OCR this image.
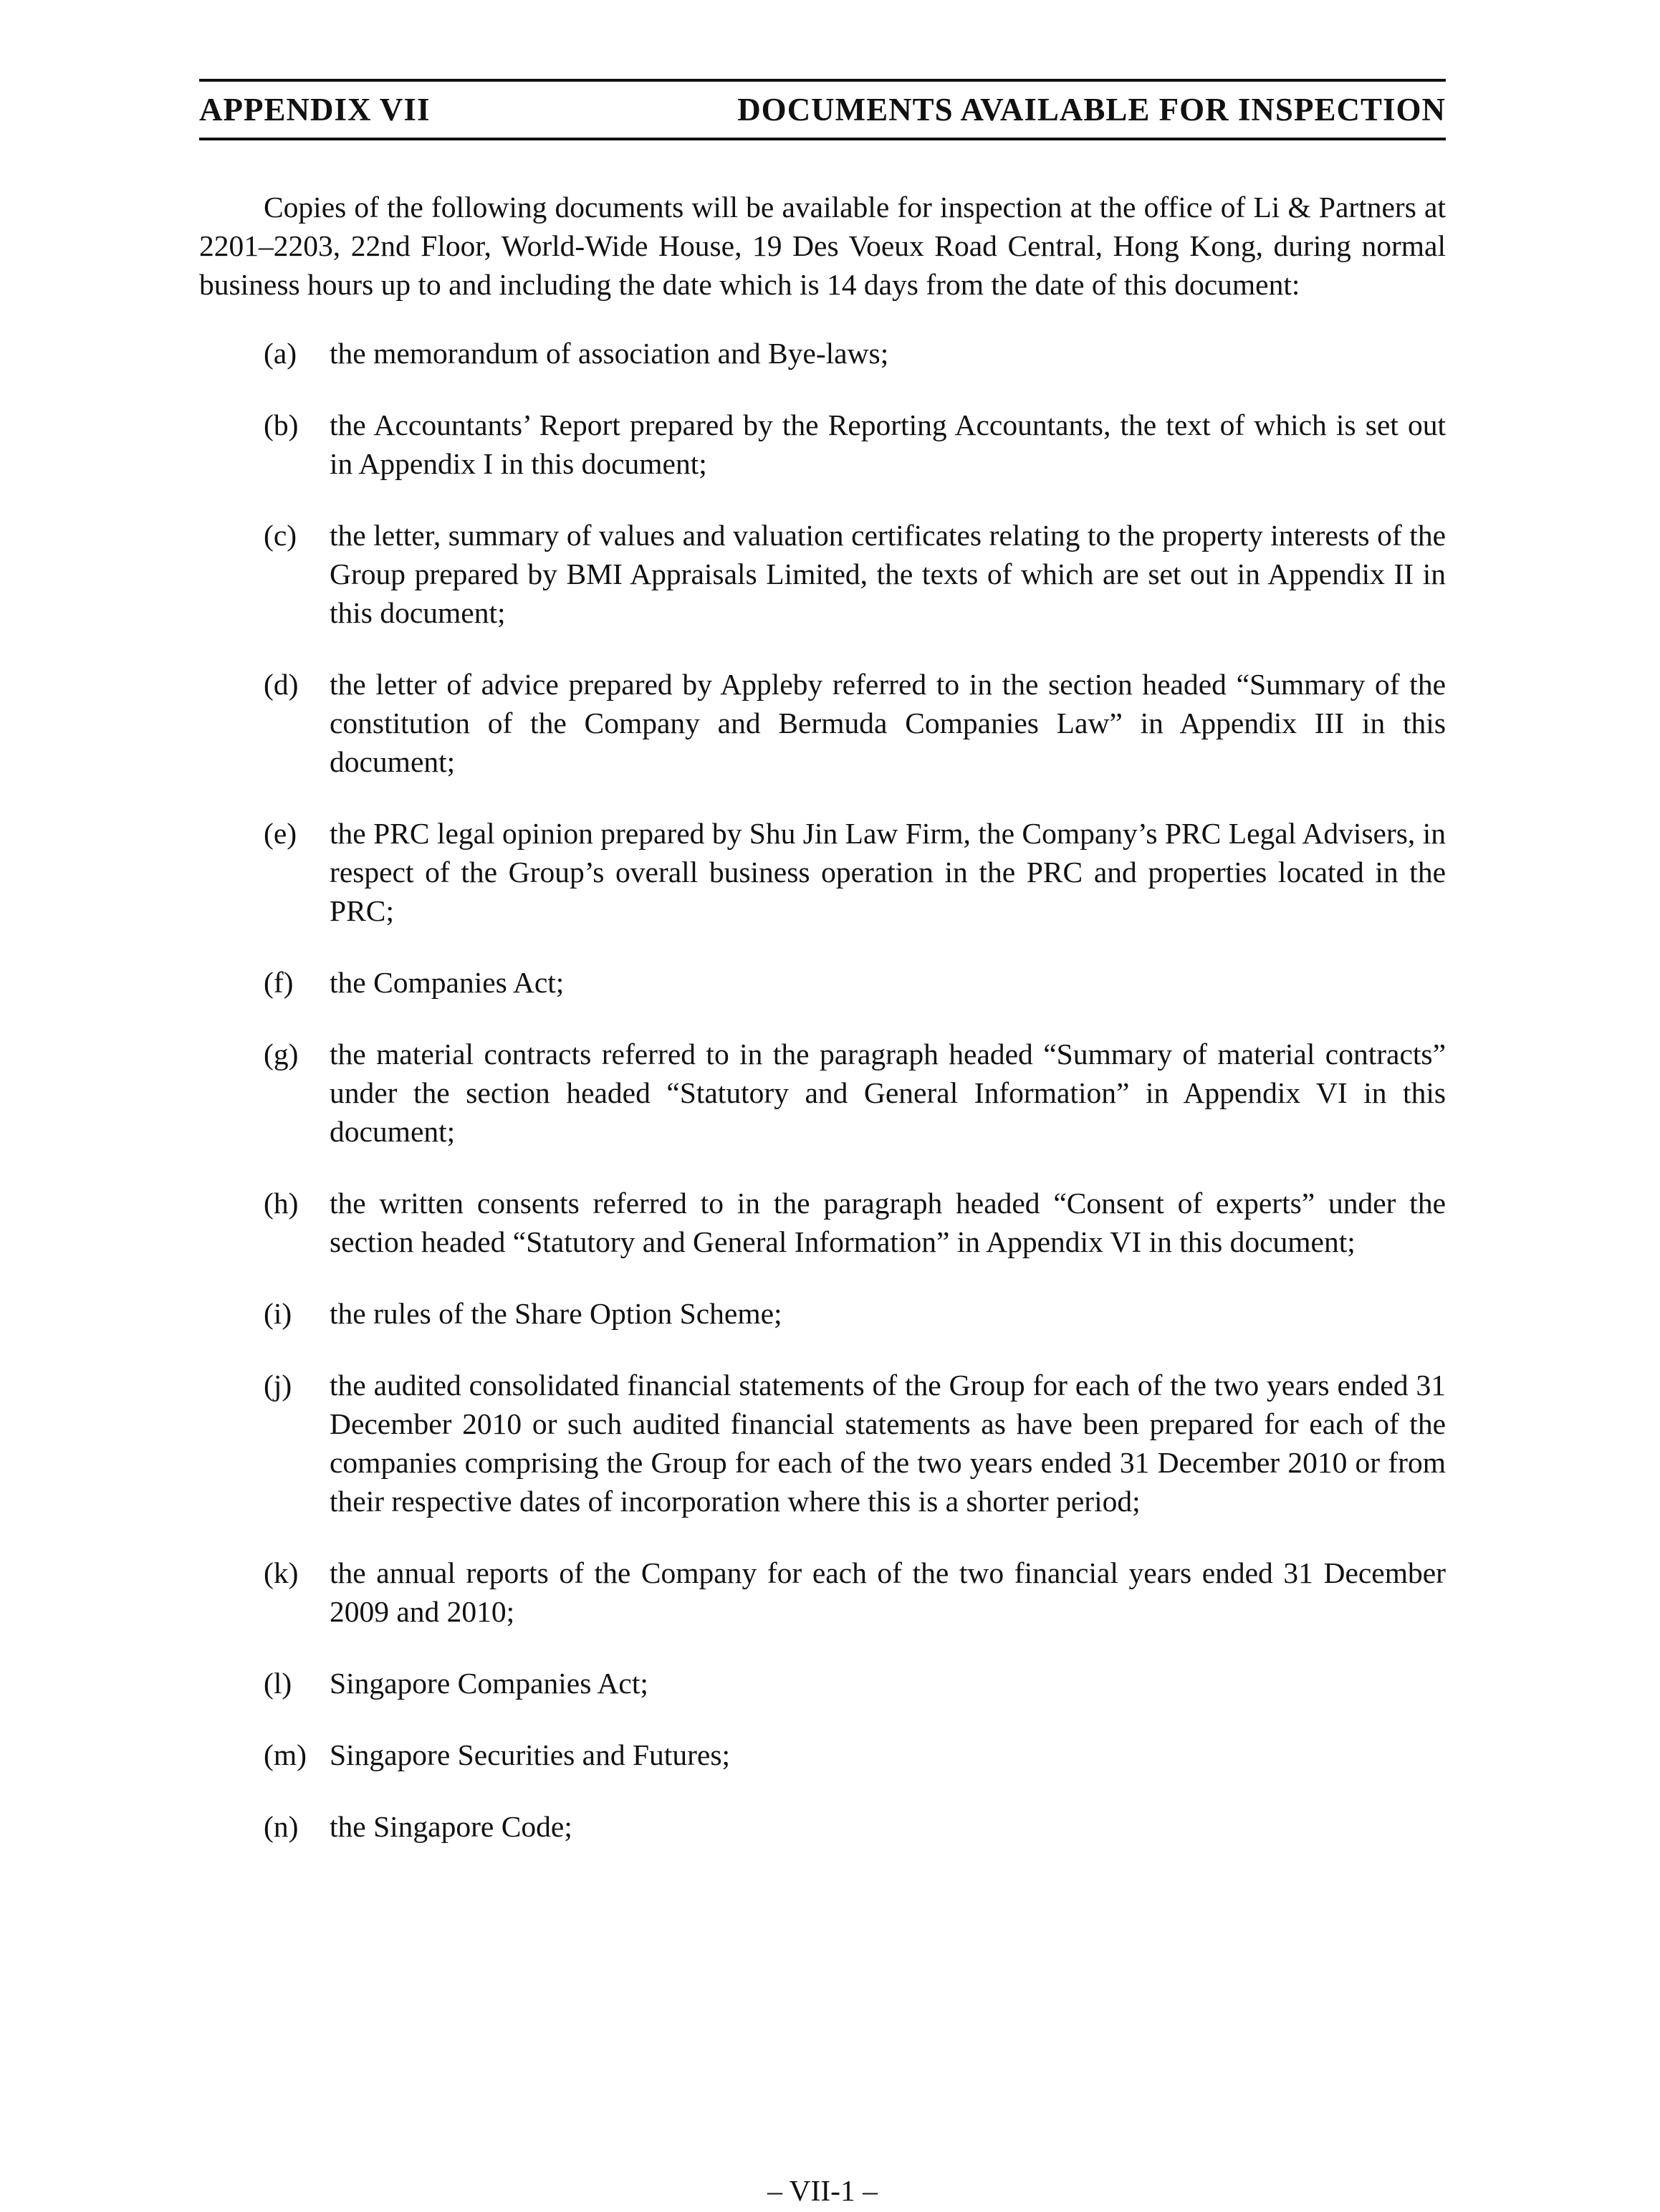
APPENDIX VII	DOCUMENTS AVAILABLE FOR INSPECTION

Copies of the following documents will be available for inspection at the office of Li & Partners at 2201–2203, 22nd Floor, World-Wide House, 19 Des Voeux Road Central, Hong Kong, during normal business hours up to and including the date which is 14 days from the date of this document:

(a)	the memorandum of association and Bye-laws;
(b)	the Accountants’ Report prepared by the Reporting Accountants, the text of which is set out in Appendix I in this document;
(c)	the letter, summary of values and valuation certificates relating to the property interests of the Group prepared by BMI Appraisals Limited, the texts of which are set out in Appendix II in this document;
(d)	the letter of advice prepared by Appleby referred to in the section headed “Summary of the constitution of the Company and Bermuda Companies Law” in Appendix III in this document;
(e)	the PRC legal opinion prepared by Shu Jin Law Firm, the Company’s PRC Legal Advisers, in respect of the Group’s overall business operation in the PRC and properties located in the PRC;
(f)	the Companies Act;
(g)	the material contracts referred to in the paragraph headed “Summary of material contracts” under the section headed “Statutory and General Information” in Appendix VI in this document;
(h)	the written consents referred to in the paragraph headed “Consent of experts” under the section headed “Statutory and General Information” in Appendix VI in this document;
(i)	the rules of the Share Option Scheme;
(j)	the audited consolidated financial statements of the Group for each of the two years ended 31 December 2010 or such audited financial statements as have been prepared for each of the companies comprising the Group for each of the two years ended 31 December 2010 or from their respective dates of incorporation where this is a shorter period;
(k)	the annual reports of the Company for each of the two financial years ended 31 December 2009 and 2010;
(l)	Singapore Companies Act;
(m) Singapore Securities and Futures;
(n)	the Singapore Code;
– VII-1 –
